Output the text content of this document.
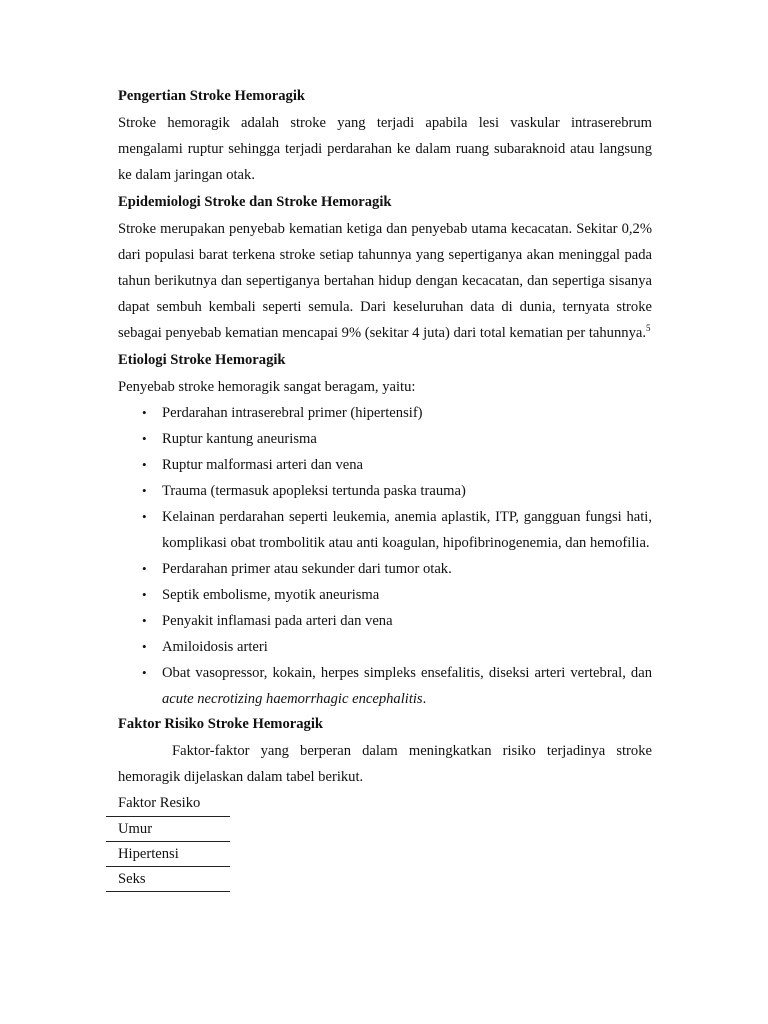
Pengertian Stroke Hemoragik

Stroke hemoragik adalah stroke yang terjadi apabila lesi vaskular intraserebrum mengalami ruptur sehingga terjadi perdarahan ke dalam ruang subaraknoid atau langsung ke dalam jaringan otak.

Epidemiologi Stroke dan Stroke Hemoragik

Stroke merupakan penyebab kematian ketiga dan penyebab utama kecacatan. Sekitar 0,2% dari populasi barat terkena stroke setiap tahunnya yang sepertiganya akan meninggal pada tahun berikutnya dan sepertiganya bertahan hidup dengan kecacatan, dan sepertiga sisanya dapat sembuh kembali seperti semula. Dari keseluruhan data di dunia, ternyata stroke sebagai penyebab kematian mencapai 9% (sekitar 4 juta) dari total kematian per tahunnya.$^5$

Etiologi Stroke Hemoragik

Penyebab stroke hemoragik sangat beragam, yaitu:

• Perdarahan intraserebral primer (hipertensif)
• Ruptur kantung aneurisma
• Ruptur malformasi arteri dan vena
• Trauma (termasuk apopleksi tertunda paska trauma)
• Kelainan perdarahan seperti leukemia, anemia aplastik, ITP, gangguan fungsi hati, komplikasi obat trombolitik atau anti koagulan, hipofibrinogenemia, dan hemofilia.
• Perdarahan primer atau sekunder dari tumor otak.
• Septik embolisme, myotik aneurisma
• Penyakit inflamasi pada arteri dan vena
• Amiloidosis arteri
• Obat vasopressor, kokain, herpes simpleks ensefalitis, diseksi arteri vertebral, dan acute necrotizing haemorrhagic encephalitis.
Faktor Risiko Stroke Hemoragik

Faktor-faktor yang berperan dalam meningkatkan risiko terjadinya stroke hemoragik dijelaskan dalam tabel berikut.

Faktor Resiko
Umur
Hipertensi
Seks
